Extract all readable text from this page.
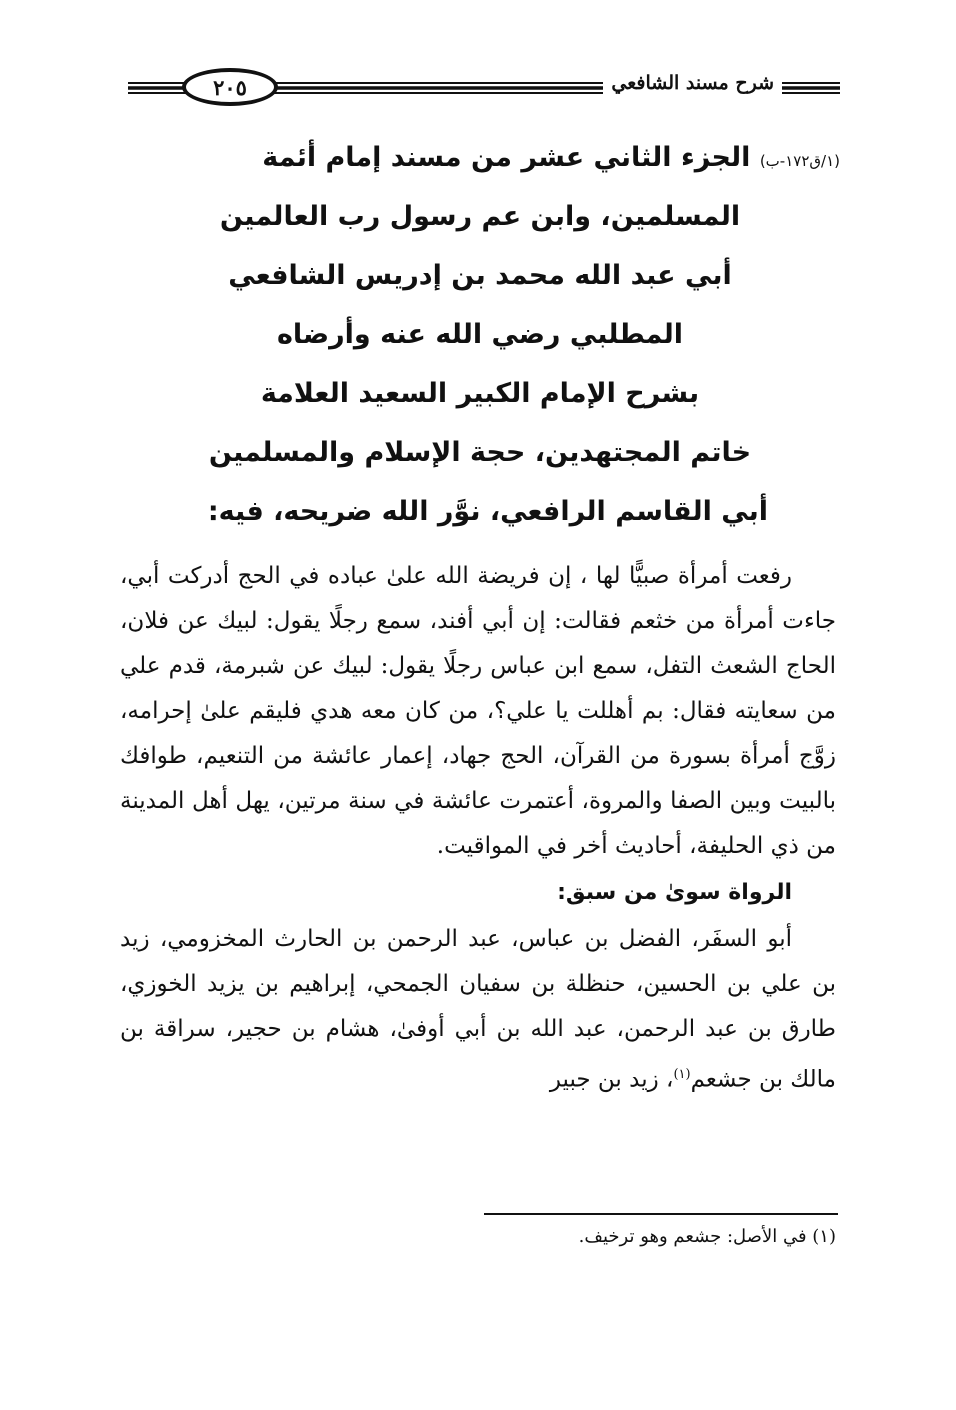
شرح مسند الشافعي
٢٠٥
(١/ق١٧٢-ب) الجزء الثاني عشر من مسند إمام أئمة
المسلمين، وابن عم رسول رب العالمين
أبي عبد الله محمد بن إدريس الشافعي
المطلبي رضي الله عنه وأرضاه
بشرح الإمام الكبير السعيد العلامة
خاتم المجتهدين، حجة الإسلام والمسلمين
أبي القاسم الرافعي، نوَّر الله ضريحه، فيه:

رفعت أمرأة صبيًّا لها ، إن فريضة الله علىٰ عباده في الحج أدركت أبي، جاءت أمرأة من خثعم فقالت: إن أبي أفند، سمع رجلًا يقول: لبيك عن فلان، الحاج الشعث التفل، سمع ابن عباس رجلًا يقول: لبيك عن شبرمة، قدم علي من سعايته فقال: بم أهللت يا علي؟، من كان معه هدي فليقم علىٰ إحرامه، زوَّج أمرأة بسورة من القرآن، الحج جهاد، إعمار عائشة من التنعيم، طوافك بالبيت وبين الصفا والمروة، أعتمرت عائشة في سنة مرتين، يهل أهل المدينة من ذي الحليفة، أحاديث أخر في المواقيت.

الرواة سوىٰ من سبق:

أبو السفَر، الفضل بن عباس، عبد الرحمن بن الحارث المخزومي، زيد بن علي بن الحسين، حنظلة بن سفيان الجمحي، إبراهيم بن يزيد الخوزي، طارق بن عبد الرحمن، عبد الله بن أبي أوفىٰ، هشام بن حجير، سراقة بن مالك بن جشعم$^{(١)}$، زيد بن جبير

(١) في الأصل: جشعم وهو ترخيف.
